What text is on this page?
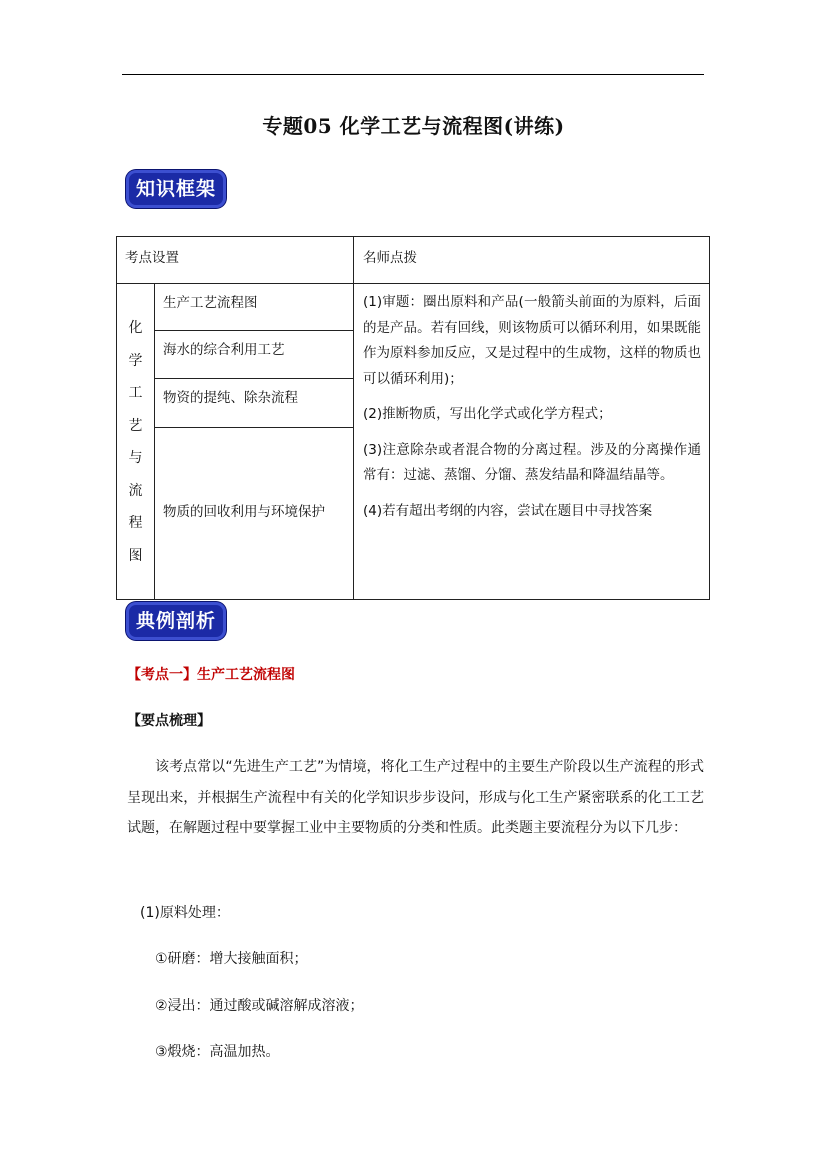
专题05 化学工艺与流程图(讲练)
知识框架
考点设置	名师点拨
化
学
工
艺
与
流
程
图
生产工艺流程图
海水的综合利用工艺
物资的提纯、除杂流程
物质的回收利用与环境保护

(1)审题：圈出原料和产品(一般箭头前面的为原料，后面的是产品。若有回线，则该物质可以循环利用，如果既能作为原料参加反应，又是过程中的生成物，这样的物质也可以循环利用)；

(2)推断物质，写出化学式或化学方程式；

(3)注意除杂或者混合物的分离过程。涉及的分离操作通常有：过滤、蒸馏、分馏、蒸发结晶和降温结晶等。

(4)若有超出考纲的内容，尝试在题目中寻找答案

典例剖析
【考点一】生产工艺流程图
【要点梳理】
该考点常以“先进生产工艺”为情境，将化工生产过程中的主要生产阶段以生产流程的形式呈现出来，并根据生产流程中有关的化学知识步步设问，形成与化工生产紧密联系的化工工艺试题，在解题过程中要掌握工业中主要物质的分类和性质。此类题主要流程分为以下几步：
(1)原料处理：
①研磨：增大接触面积；
②浸出：通过酸或碱溶解成溶液；
③煅烧：高温加热。
